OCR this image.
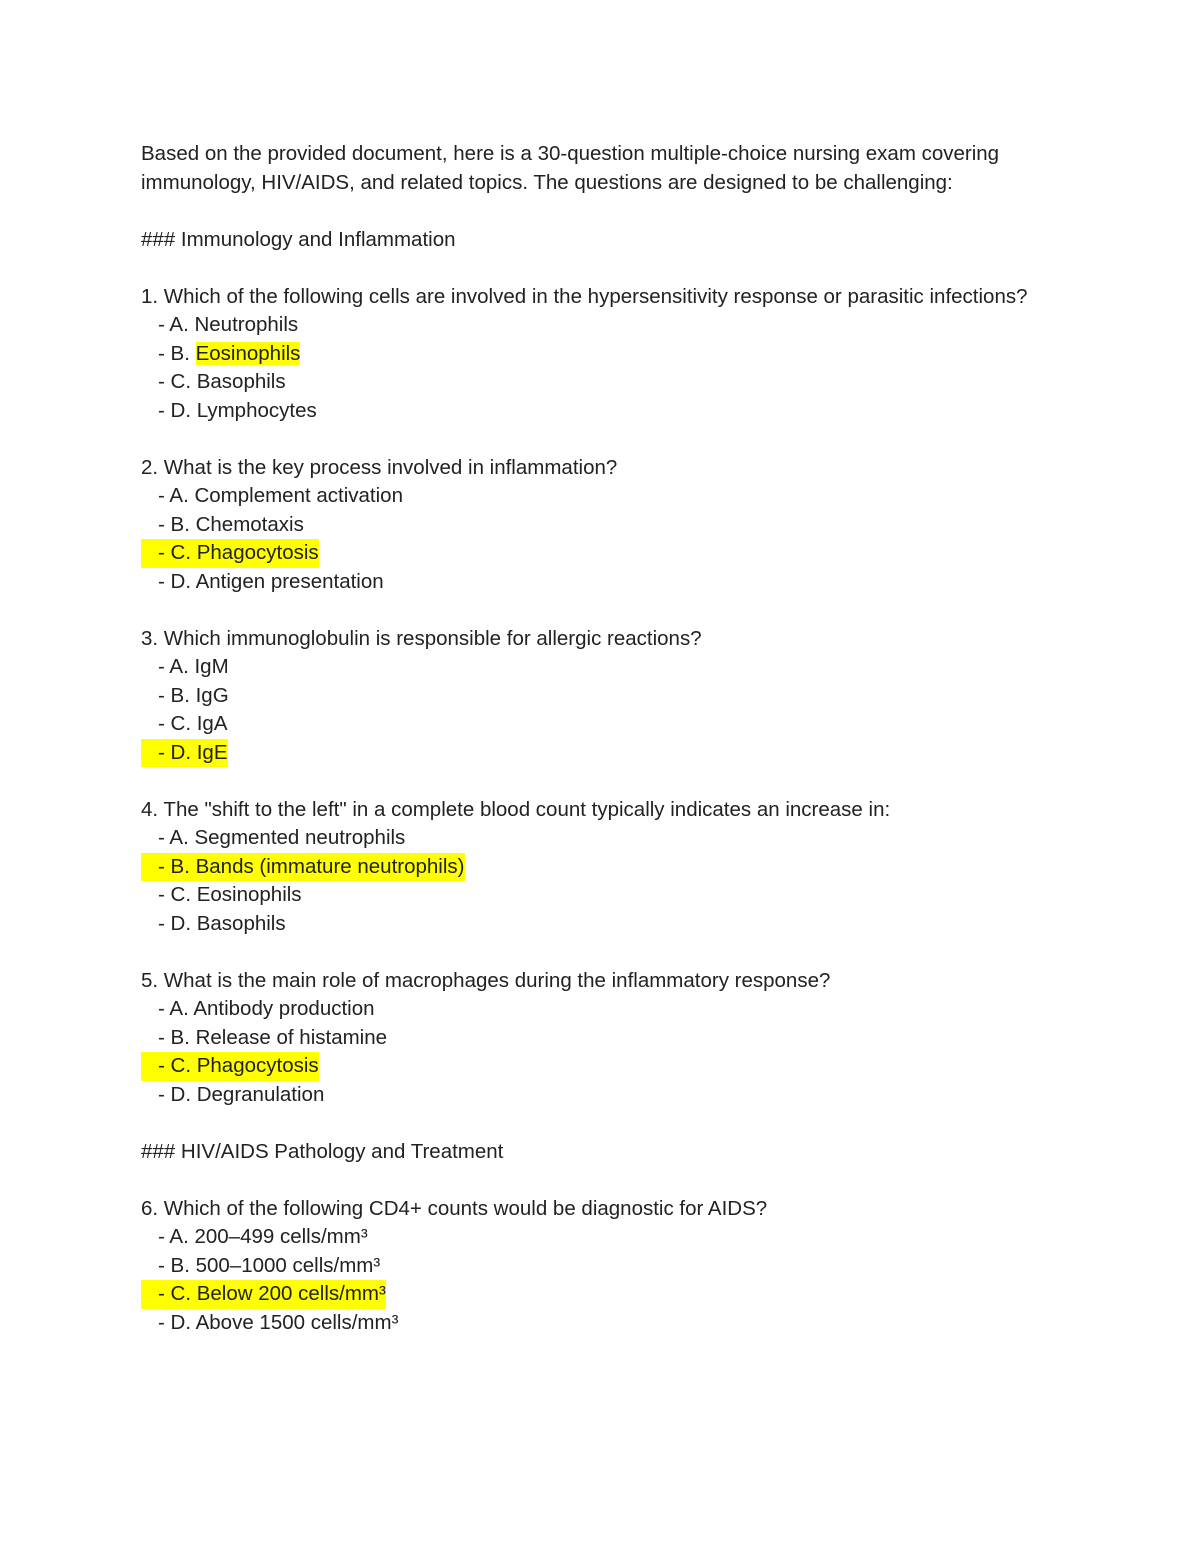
Based on the provided document, here is a 30-question multiple-choice nursing exam covering immunology, HIV/AIDS, and related topics. The questions are designed to be challenging:

### Immunology and Inflammation

1. Which of the following cells are involved in the hypersensitivity response or parasitic infections?

- A. Neutrophils
- B. Eosinophils
- C. Basophils
- D. Lymphocytes

2. What is the key process involved in inflammation?

- A. Complement activation
- B. Chemotaxis
- C. Phagocytosis
- D. Antigen presentation

3. Which immunoglobulin is responsible for allergic reactions?

- A. IgM
- B. IgG
- C. IgA
- D. IgE

4. The "shift to the left" in a complete blood count typically indicates an increase in:

- A. Segmented neutrophils
- B. Bands (immature neutrophils)
- C. Eosinophils
- D. Basophils

5. What is the main role of macrophages during the inflammatory response?

- A. Antibody production
- B. Release of histamine
- C. Phagocytosis
- D. Degranulation

### HIV/AIDS Pathology and Treatment

6. Which of the following CD4+ counts would be diagnostic for AIDS?

- A. 200–499 cells/mm³
- B. 500–1000 cells/mm³
- C. Below 200 cells/mm³
- D. Above 1500 cells/mm³
